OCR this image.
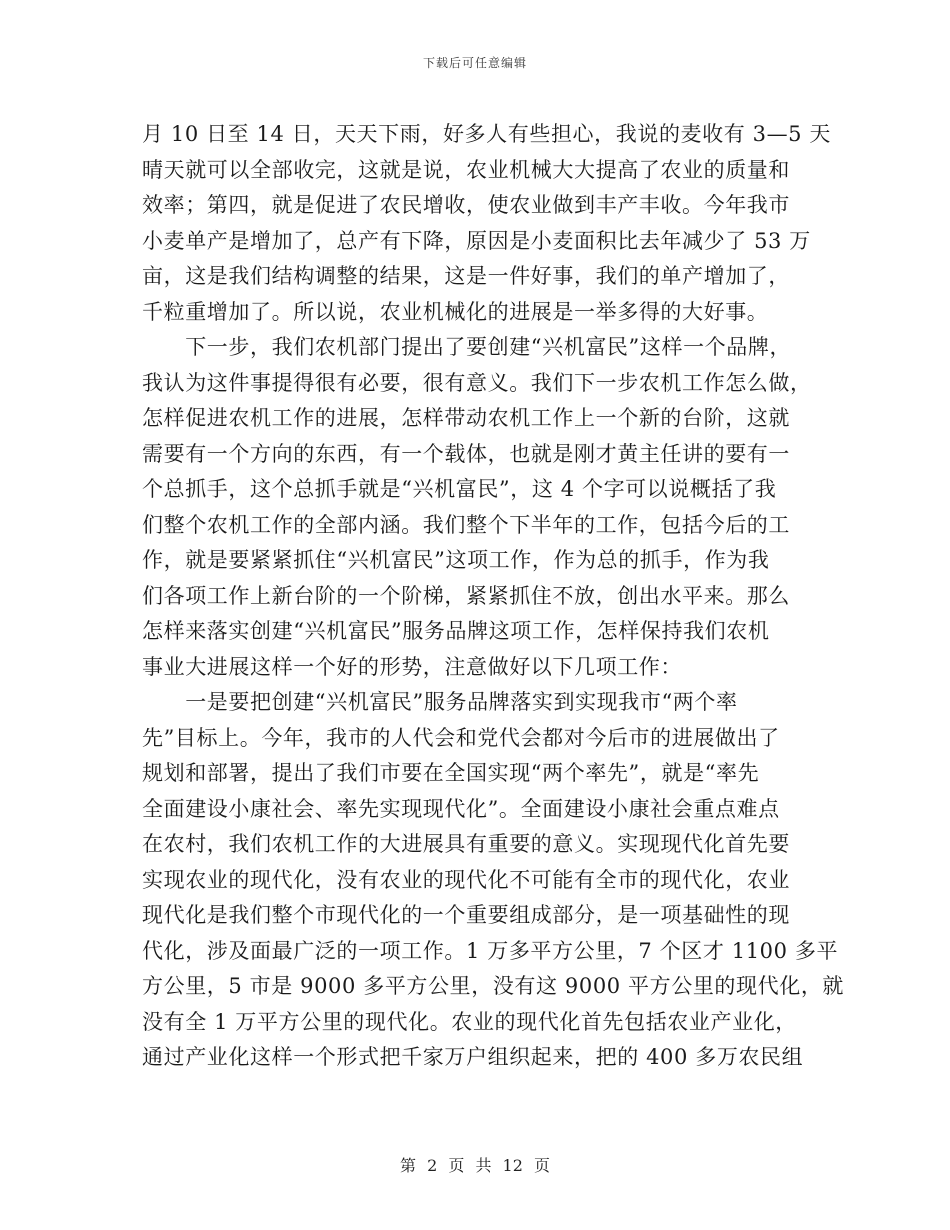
下载后可任意编辑

月 10 日至 14 日，天天下雨，好多人有些担心，我说的麦收有 3—5 天
晴天就可以全部收完，这就是说，农业机械大大提高了农业的质量和
效率；第四，就是促进了农民增收，使农业做到丰产丰收。今年我市
小麦单产是增加了，总产有下降，原因是小麦面积比去年减少了 53 万
亩，这是我们结构调整的结果，这是一件好事，我们的单产增加了，
千粒重增加了。所以说，农业机械化的进展是一举多得的大好事。

　　下一步，我们农机部门提出了要创建“兴机富民”这样一个品牌，
我认为这件事提得很有必要，很有意义。我们下一步农机工作怎么做，
怎样促进农机工作的进展，怎样带动农机工作上一个新的台阶，这就
需要有一个方向的东西，有一个载体，也就是刚才黄主任讲的要有一
个总抓手，这个总抓手就是“兴机富民”，这 4 个字可以说概括了我
们整个农机工作的全部内涵。我们整个下半年的工作，包括今后的工
作，就是要紧紧抓住“兴机富民”这项工作，作为总的抓手，作为我
们各项工作上新台阶的一个阶梯，紧紧抓住不放，创出水平来。那么
怎样来落实创建“兴机富民”服务品牌这项工作，怎样保持我们农机
事业大进展这样一个好的形势，注意做好以下几项工作：

　　一是要把创建“兴机富民”服务品牌落实到实现我市“两个率
先”目标上。今年，我市的人代会和党代会都对今后市的进展做出了
规划和部署，提出了我们市要在全国实现“两个率先”，就是“率先
全面建设小康社会、率先实现现代化”。全面建设小康社会重点难点
在农村，我们农机工作的大进展具有重要的意义。实现现代化首先要
实现农业的现代化，没有农业的现代化不可能有全市的现代化，农业
现代化是我们整个市现代化的一个重要组成部分，是一项基础性的现
代化，涉及面最广泛的一项工作。1 万多平方公里，7 个区才 1100 多平
方公里，5 市是 9000 多平方公里，没有这 9000 平方公里的现代化，就
没有全 1 万平方公里的现代化。农业的现代化首先包括农业产业化，
通过产业化这样一个形式把千家万户组织起来，把的 400 多万农民组

第 2 页 共 12 页
